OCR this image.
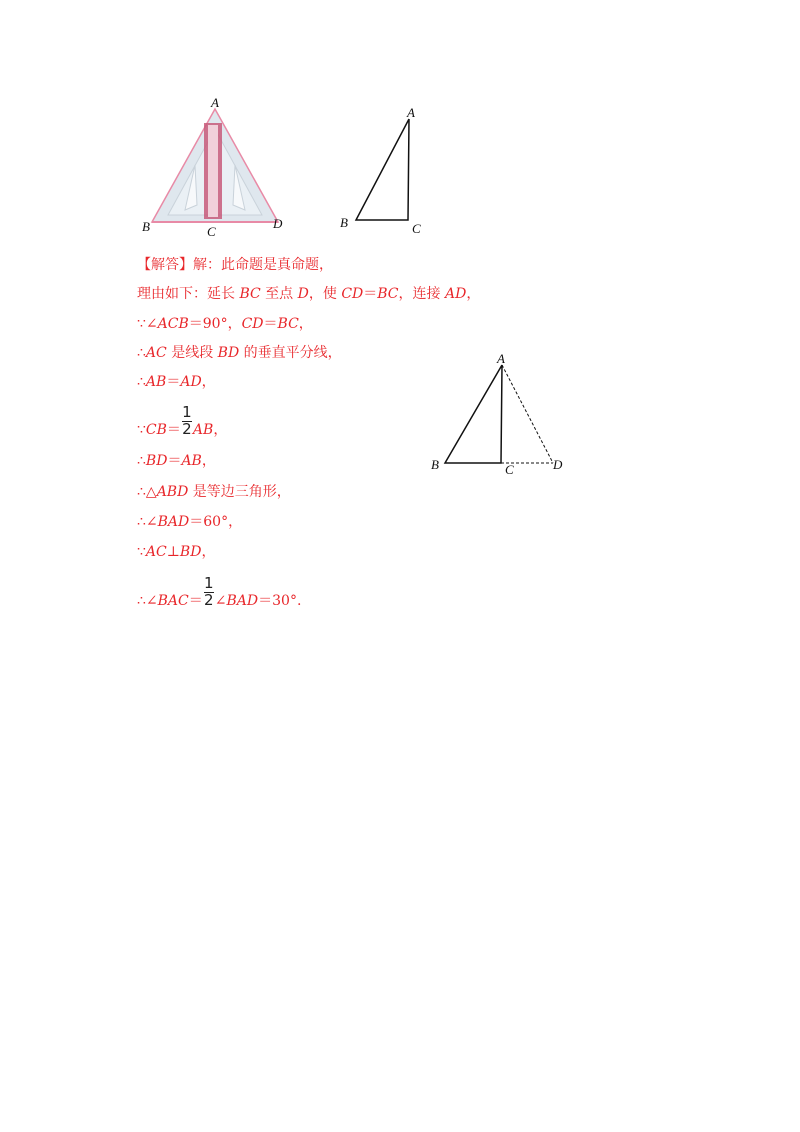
A
B	C
D
A
B	C
A
B	C	D
【解答】解：此命题是真命题，
理由如下：延长 BC 至点 D，使 CD＝BC，连接 AD，
∵∠ACB＝90°，CD＝BC，
∴AC 是线段 BD 的垂直平分线，
∴AB＝AD，
∵CB＝ $\frac{1}{2}$ AB，
∴BD＝AB，
∴△ABD 是等边三角形，
∴∠BAD＝60°，
∵AC⊥BD，
∴∠BAC＝ $\frac{1}{2}$ ∠BAD＝30°.
